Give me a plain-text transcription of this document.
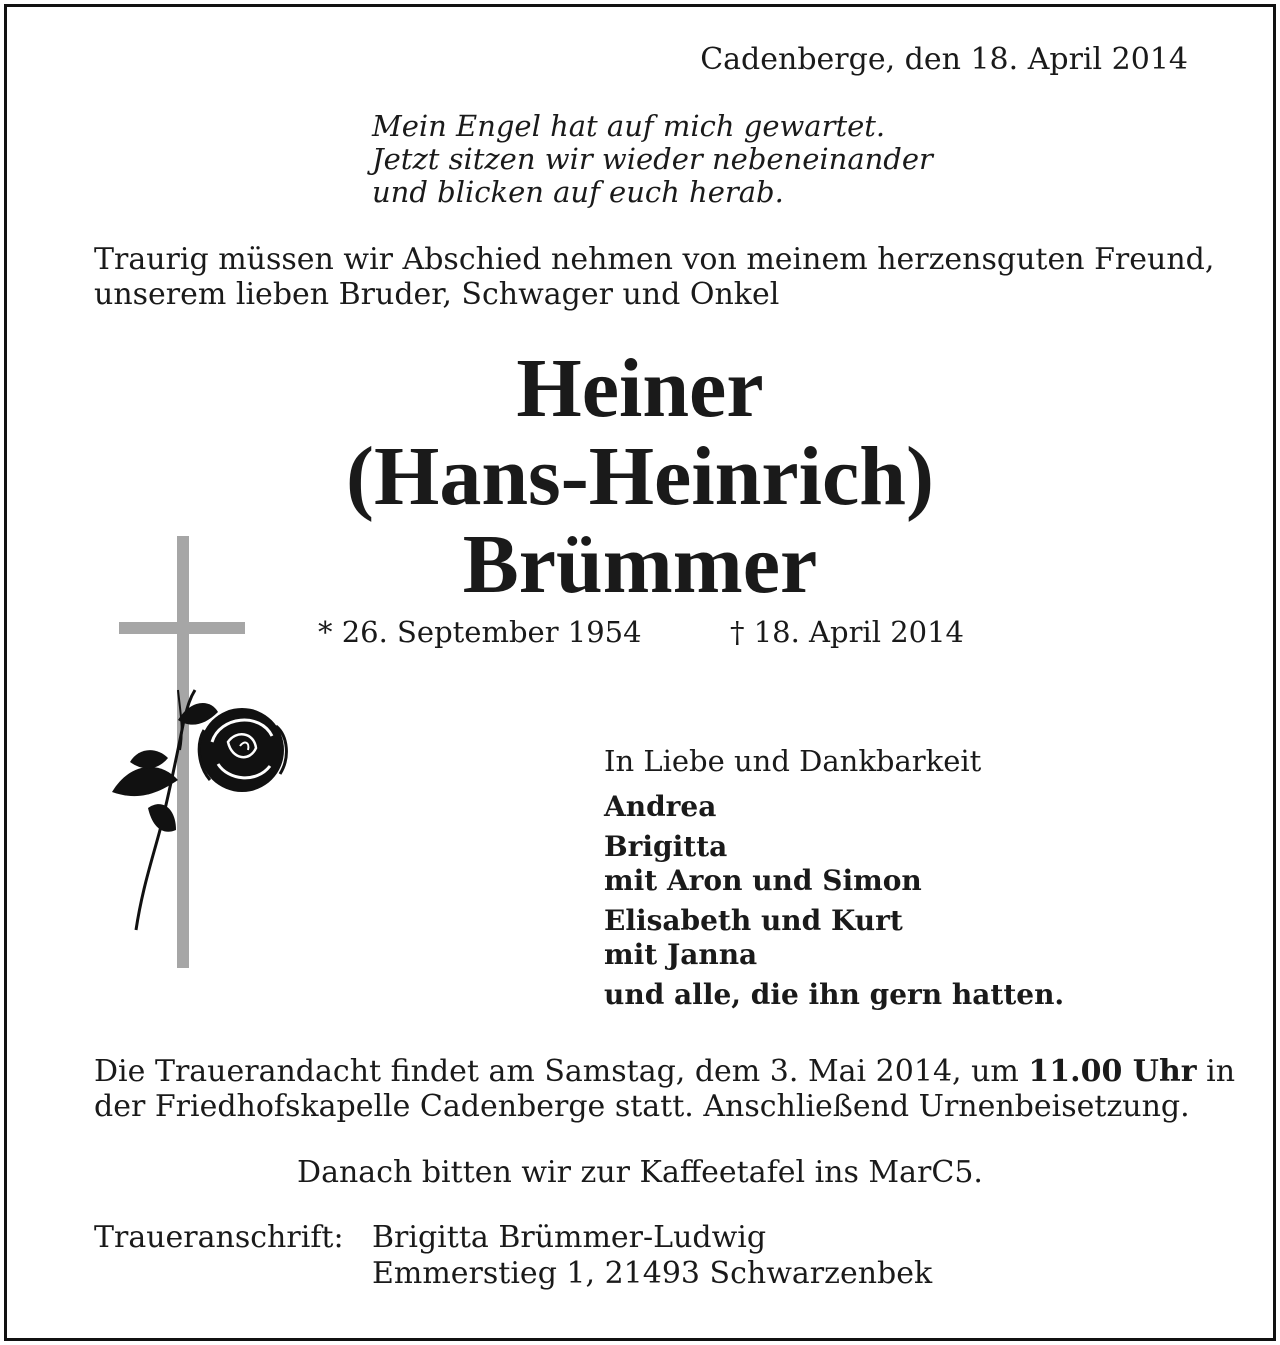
Cadenberge, den 18. April 2014
Mein Engel hat auf mich gewartet.
Jetzt sitzen wir wieder nebeneinander
und blicken auf euch herab.
Traurig müssen wir Abschied nehmen von meinem herzensguten Freund,
unserem lieben Bruder, Schwager und Onkel
Heiner
(Hans-Heinrich)
Brümmer
* 26. September 1954	† 18. April 2014
In Liebe und Dankbarkeit
Andrea
Brigitta
mit Aron und Simon
Elisabeth und Kurt
mit Janna
und alle, die ihn gern hatten.
Die Trauerandacht findet am Samstag, dem 3. Mai 2014, um 11.00 Uhr in
der Friedhofskapelle Cadenberge statt. Anschließend Urnenbeisetzung.
Danach bitten wir zur Kaffeetafel ins MarC5.
Traueranschrift: Brigitta Brümmer-Ludwig
Emmerstieg 1, 21493 Schwarzenbek
